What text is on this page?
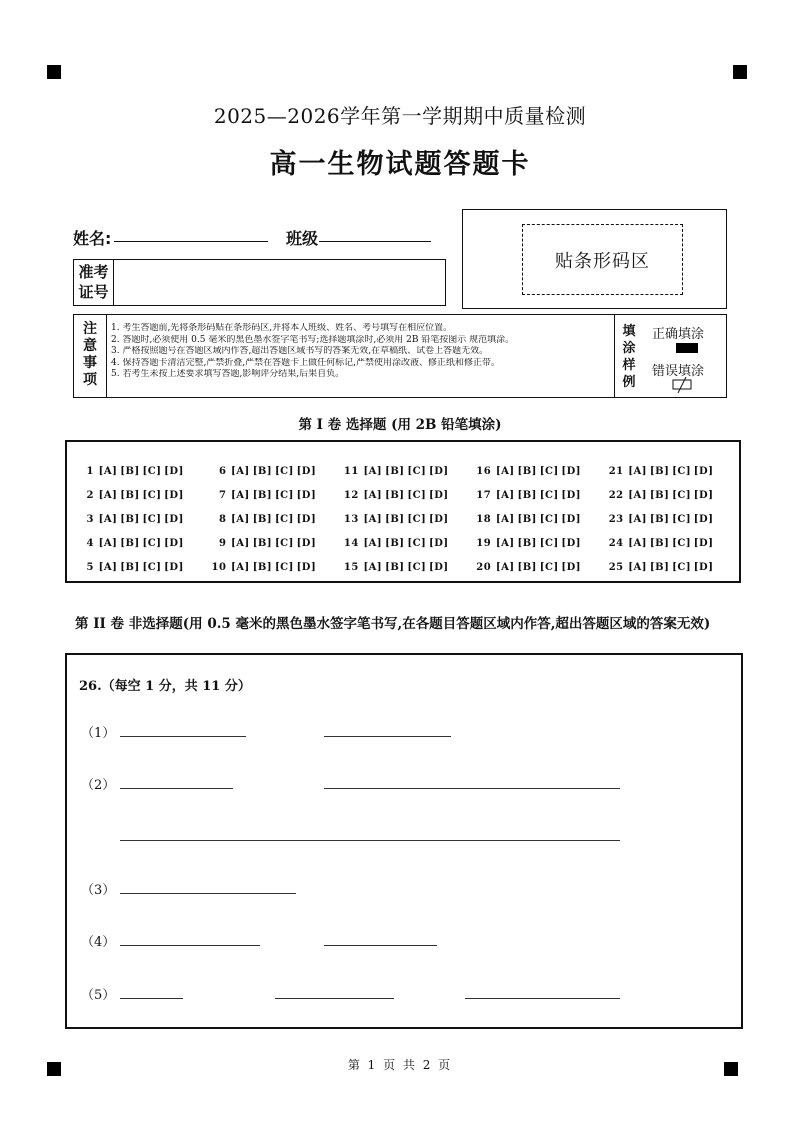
2025—2026学年第一学期期中质量检测
高一生物试题答题卡
姓名:	班级
准考
证号
贴条形码区
注
意
事
项
1. 考生答题前,先将条形码贴在条形码区,并将本人班级、姓名、考号填写在相应位置。
2. 答题时,必须使用 0.5 毫米的黑色墨水签字笔书写;选择题填涂时,必须用 2B 铅笔按图示 规范填涂。
3. 严格按照题号在答题区域内作答,超出答题区域书写的答案无效,在草稿纸、试卷上答题无效。
4. 保持答题卡清洁完整,严禁折叠,严禁在答题卡上做任何标记,严禁使用涂改液、修正纸和修正带。
5. 若考生未按上述要求填写答题,影响评分结果,后果自负。
填
涂
样
例
正确填涂
错误填涂
第 I 卷 选择题 (用 2B 铅笔填涂)
1 [A] [B] [C] [D]	6 [A] [B] [C] [D]	11 [A] [B] [C] [D]	16 [A] [B] [C] [D]	21 [A] [B] [C] [D]
2 [A] [B] [C] [D]	7 [A] [B] [C] [D]	12 [A] [B] [C] [D]	17 [A] [B] [C] [D]	22 [A] [B] [C] [D]
3 [A] [B] [C] [D]	8 [A] [B] [C] [D]	13 [A] [B] [C] [D]	18 [A] [B] [C] [D]	23 [A] [B] [C] [D]
4 [A] [B] [C] [D]	9 [A] [B] [C] [D]	14 [A] [B] [C] [D]	19 [A] [B] [C] [D]	24 [A] [B] [C] [D]
5 [A] [B] [C] [D]	10 [A] [B] [C] [D]	15 [A] [B] [C] [D]	20 [A] [B] [C] [D]	25 [A] [B] [C] [D]
第 II 卷 非选择题(用 0.5 毫米的黑色墨水签字笔书写,在各题目答题区域内作答,超出答题区域的答案无效)
26.（每空 1 分，共 11 分）
（1）
（2）
（3）
（4）
（5）
第 1 页 共 2 页
